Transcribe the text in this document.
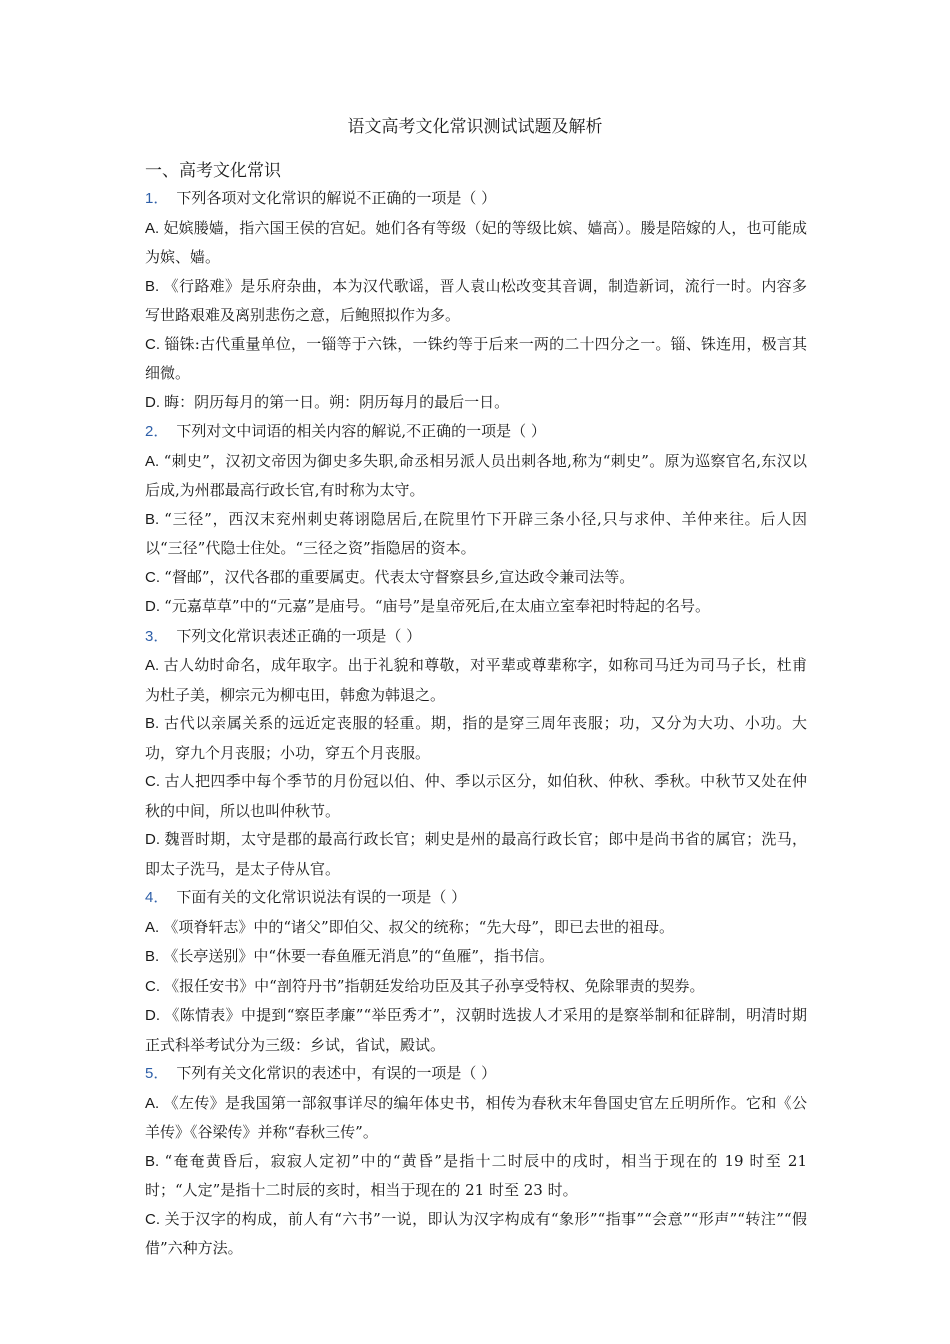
语文高考文化常识测试试题及解析
一、高考文化常识

1． 下列各项对文化常识的解说不正确的一项是（ ）

A. 妃嫔媵嫱，指六国王侯的宫妃。她们各有等级（妃的等级比嫔、嫱高）。媵是陪嫁的人，也可能成为嫔、嫱。

B. 《行路难》是乐府杂曲，本为汉代歌谣，晋人袁山松改变其音调，制造新词，流行一时。内容多写世路艰难及离别悲伤之意，后鲍照拟作为多。

C. 锱铢:古代重量单位，一锱等于六铢，一铢约等于后来一两的二十四分之一。锱、铢连用，极言其细微。

D. 晦：阴历每月的第一日。朔：阴历每月的最后一日。

2． 下列对文中词语的相关内容的解说,不正确的一项是（ ）

A. “刺史”，汉初文帝因为御史多失职,命丞相另派人员出刺各地,称为“刺史”。原为巡察官名,东汉以后成,为州郡最高行政长官,有时称为太守。

B. “三径”，西汉末兖州刺史蒋诩隐居后,在院里竹下开辟三条小径,只与求仲、羊仲来往。后人因以“三径”代隐士住处。“三径之资”指隐居的资本。

C. “督邮”，汉代各郡的重要属吏。代表太守督察县乡,宣达政令兼司法等。

D. “元嘉草草”中的“元嘉”是庙号。“庙号”是皇帝死后,在太庙立室奉祀时特起的名号。

3． 下列文化常识表述正确的一项是（ ）

A. 古人幼时命名，成年取字。出于礼貌和尊敬，对平辈或尊辈称字，如称司马迁为司马子长，杜甫为杜子美，柳宗元为柳屯田，韩愈为韩退之。

B. 古代以亲属关系的远近定丧服的轻重。期，指的是穿三周年丧服；功，又分为大功、小功。大功，穿九个月丧服；小功，穿五个月丧服。

C. 古人把四季中每个季节的月份冠以伯、仲、季以示区分，如伯秋、仲秋、季秋。中秋节又处在仲秋的中间，所以也叫仲秋节。

D. 魏晋时期，太守是郡的最高行政长官；刺史是州的最高行政长官；郎中是尚书省的属官；洗马，即太子洗马，是太子侍从官。

4． 下面有关的文化常识说法有误的一项是（ ）

A. 《项脊轩志》中的“诸父”即伯父、叔父的统称；“先大母”，即已去世的祖母。

B. 《长亭送别》中“休要一春鱼雁无消息”的“鱼雁”，指书信。

C. 《报任安书》中“剖符丹书”指朝廷发给功臣及其子孙享受特权、免除罪责的契券。

D. 《陈情表》中提到“察臣孝廉”“举臣秀才”，汉朝时选拔人才采用的是察举制和征辟制，明清时期正式科举考试分为三级：乡试，省试，殿试。

5． 下列有关文化常识的表述中，有误的一项是（ ）

A. 《左传》是我国第一部叙事详尽的编年体史书，相传为春秋末年鲁国史官左丘明所作。它和《公羊传》《谷梁传》并称“春秋三传”。

B. “奄奄黄昏后，寂寂人定初”中的“黄昏”是指十二时辰中的戌时，相当于现在的 19 时至 21 时；“人定”是指十二时辰的亥时，相当于现在的 21 时至 23 时。

C. 关于汉字的构成，前人有“六书”一说，即认为汉字构成有“象形”“指事”“会意”“形声”“转注”“假借”六种方法。
